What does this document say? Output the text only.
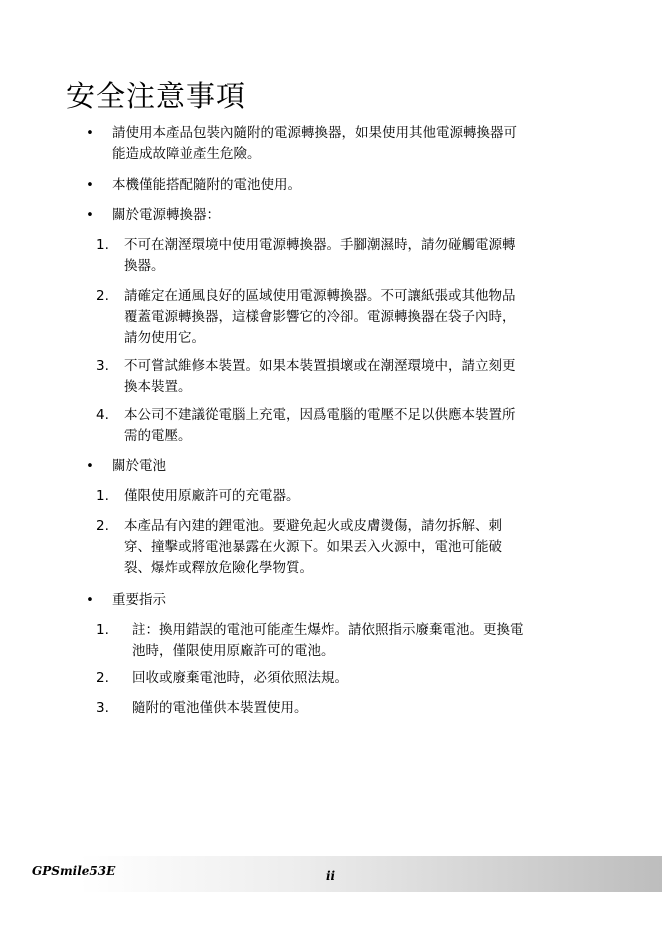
安全注意事項
• 請使用本產品包裝內隨附的電源轉換器，如果使用其他電源轉換器可
能造成故障並產生危險。
• 本機僅能搭配隨附的電池使用。
• 關於電源轉換器：
1.	不可在潮溼環境中使用電源轉換器。手腳潮濕時，請勿碰觸電源轉
換器。
2.	請確定在通風良好的區域使用電源轉換器。不可讓紙張或其他物品
覆蓋電源轉換器，這樣會影響它的冷卻。電源轉換器在袋子內時，
請勿使用它。
3.	不可嘗試維修本裝置。如果本裝置損壞或在潮溼環境中，請立刻更
換本裝置。
4.	本公司不建議從電腦上充電，因爲電腦的電壓不足以供應本裝置所
需的電壓。
• 關於電池
1.	僅限使用原廠許可的充電器。
2.	本產品有內建的鋰電池。要避免起火或皮膚燙傷，請勿拆解、刺
穿、撞擊或將電池暴露在火源下。如果丟入火源中，電池可能破
裂、爆炸或釋放危險化學物質。
• 重要指示
1.	註：換用錯誤的電池可能產生爆炸。請依照指示廢棄電池。更換電
池時，僅限使用原廠許可的電池。
2.	回收或廢棄電池時，必須依照法規。
3.	隨附的電池僅供本裝置使用。
GPSmile53E	ii
